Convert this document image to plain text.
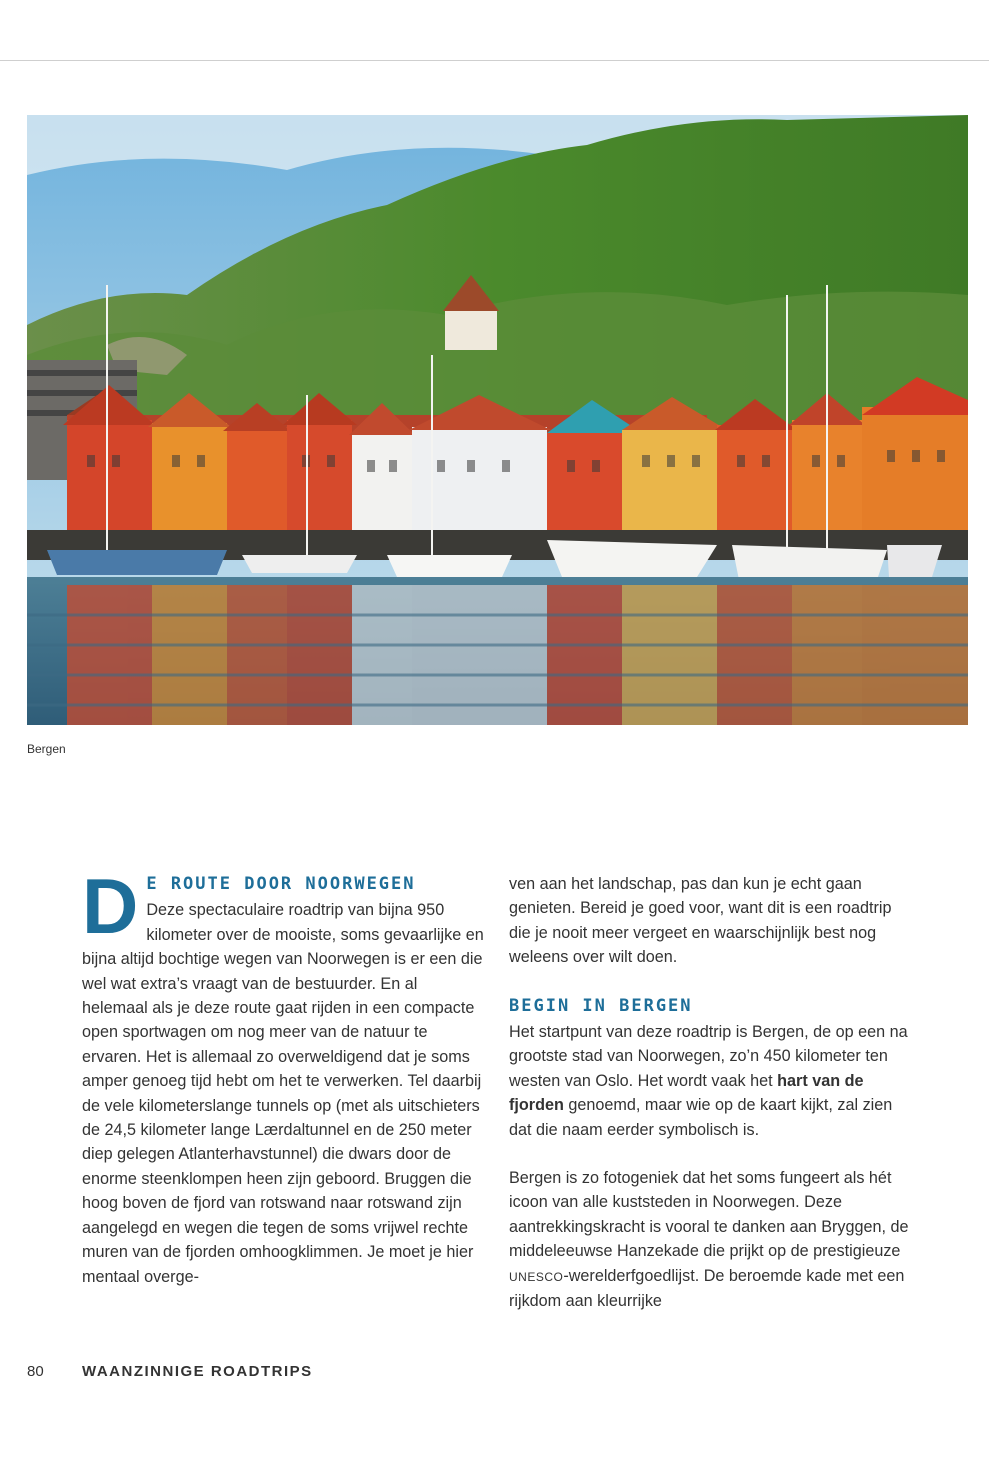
Bergen
D E ROUTE DOOR NOORWEGEN

Deze spectaculaire roadtrip van bijna 950 kilometer over de mooiste, soms gevaarlijke en bijna altijd bochtige wegen van Noorwegen is er een die wel wat extra’s vraagt van de bestuurder. En al helemaal als je deze route gaat rijden in een compacte open sportwagen om nog meer van de natuur te ervaren. Het is allemaal zo overweldigend dat je soms amper genoeg tijd hebt om het te verwerken. Tel daarbij de vele kilometerslange tunnels op (met als uitschieters de 24,5 kilometer lange Lærdaltunnel en de 250 meter diep gelegen Atlanterhavstunnel) die dwars door de enorme steenklompen heen zijn geboord. Bruggen die hoog boven de fjord van rotswand naar rotswand zijn aangelegd en wegen die tegen de soms vrijwel rechte muren van de fjorden omhoogklimmen. Je moet je hier mentaal overge-

ven aan het landschap, pas dan kun je echt gaan genieten. Bereid je goed voor, want dit is een roadtrip die je nooit meer vergeet en waarschijnlijk best nog weleens over wilt doen.

BEGIN IN BERGEN

Het startpunt van deze roadtrip is Bergen, de op een na grootste stad van Noorwegen, zo’n 450 kilometer ten westen van Oslo. Het wordt vaak het hart van de fjorden genoemd, maar wie op de kaart kijkt, zal zien dat die naam eerder symbolisch is.

Bergen is zo fotogeniek dat het soms fungeert als hét icoon van alle kuststeden in Noorwegen. Deze aantrekkingskracht is vooral te danken aan Bryggen, de middeleeuwse Hanzekade die prijkt op de prestigieuze UNESCO-werelderfgoedlijst. De beroemde kade met een rijkdom aan kleurrijke

80	WAANZINNIGE ROADTRIPS
